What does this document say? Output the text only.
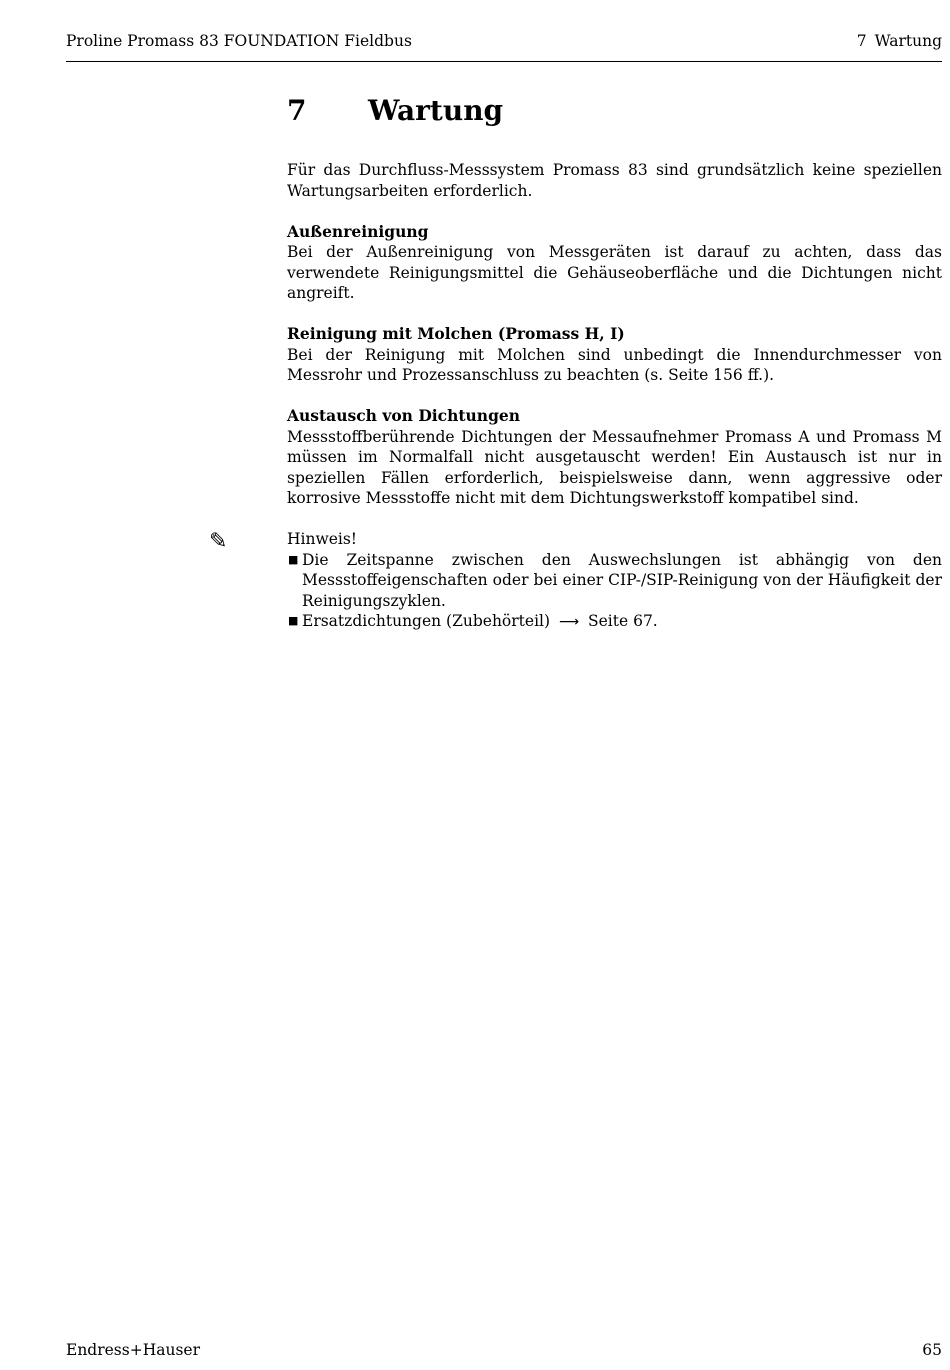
Proline Promass 83 FOUNDATION Fieldbus	7 Wartung
7 Wartung

Für das Durchfluss-Messsystem Promass 83 sind grundsätzlich keine speziellen Wartungsarbeiten erforderlich.

Außenreinigung

Bei der Außenreinigung von Messgeräten ist darauf zu achten, dass das verwendete Reinigungsmittel die Gehäuseoberfläche und die Dichtungen nicht angreift.

Reinigung mit Molchen (Promass H, I)

Bei der Reinigung mit Molchen sind unbedingt die Innendurchmesser von Messrohr und Prozessanschluss zu beachten (s. Seite 156 ff.).

Austausch von Dichtungen

Messstoffberührende Dichtungen der Messaufnehmer Promass A und Promass M müssen im Normalfall nicht ausgetauscht werden! Ein Austausch ist nur in speziellen Fällen erforderlich, beispielsweise dann, wenn aggressive oder korrosive Messstoffe nicht mit dem Dichtungswerkstoff kompatibel sind.

✎	Hinweis!
■ Die Zeitspanne zwischen den Auswechslungen ist abhängig von den Messstoffeigenschaften oder bei einer CIP-/SIP-Reinigung von der Häufigkeit der Reinigungszyklen.
■ Ersatzdichtungen (Zubehörteil) ⟶ Seite 67.
Endress+Hauser	65
